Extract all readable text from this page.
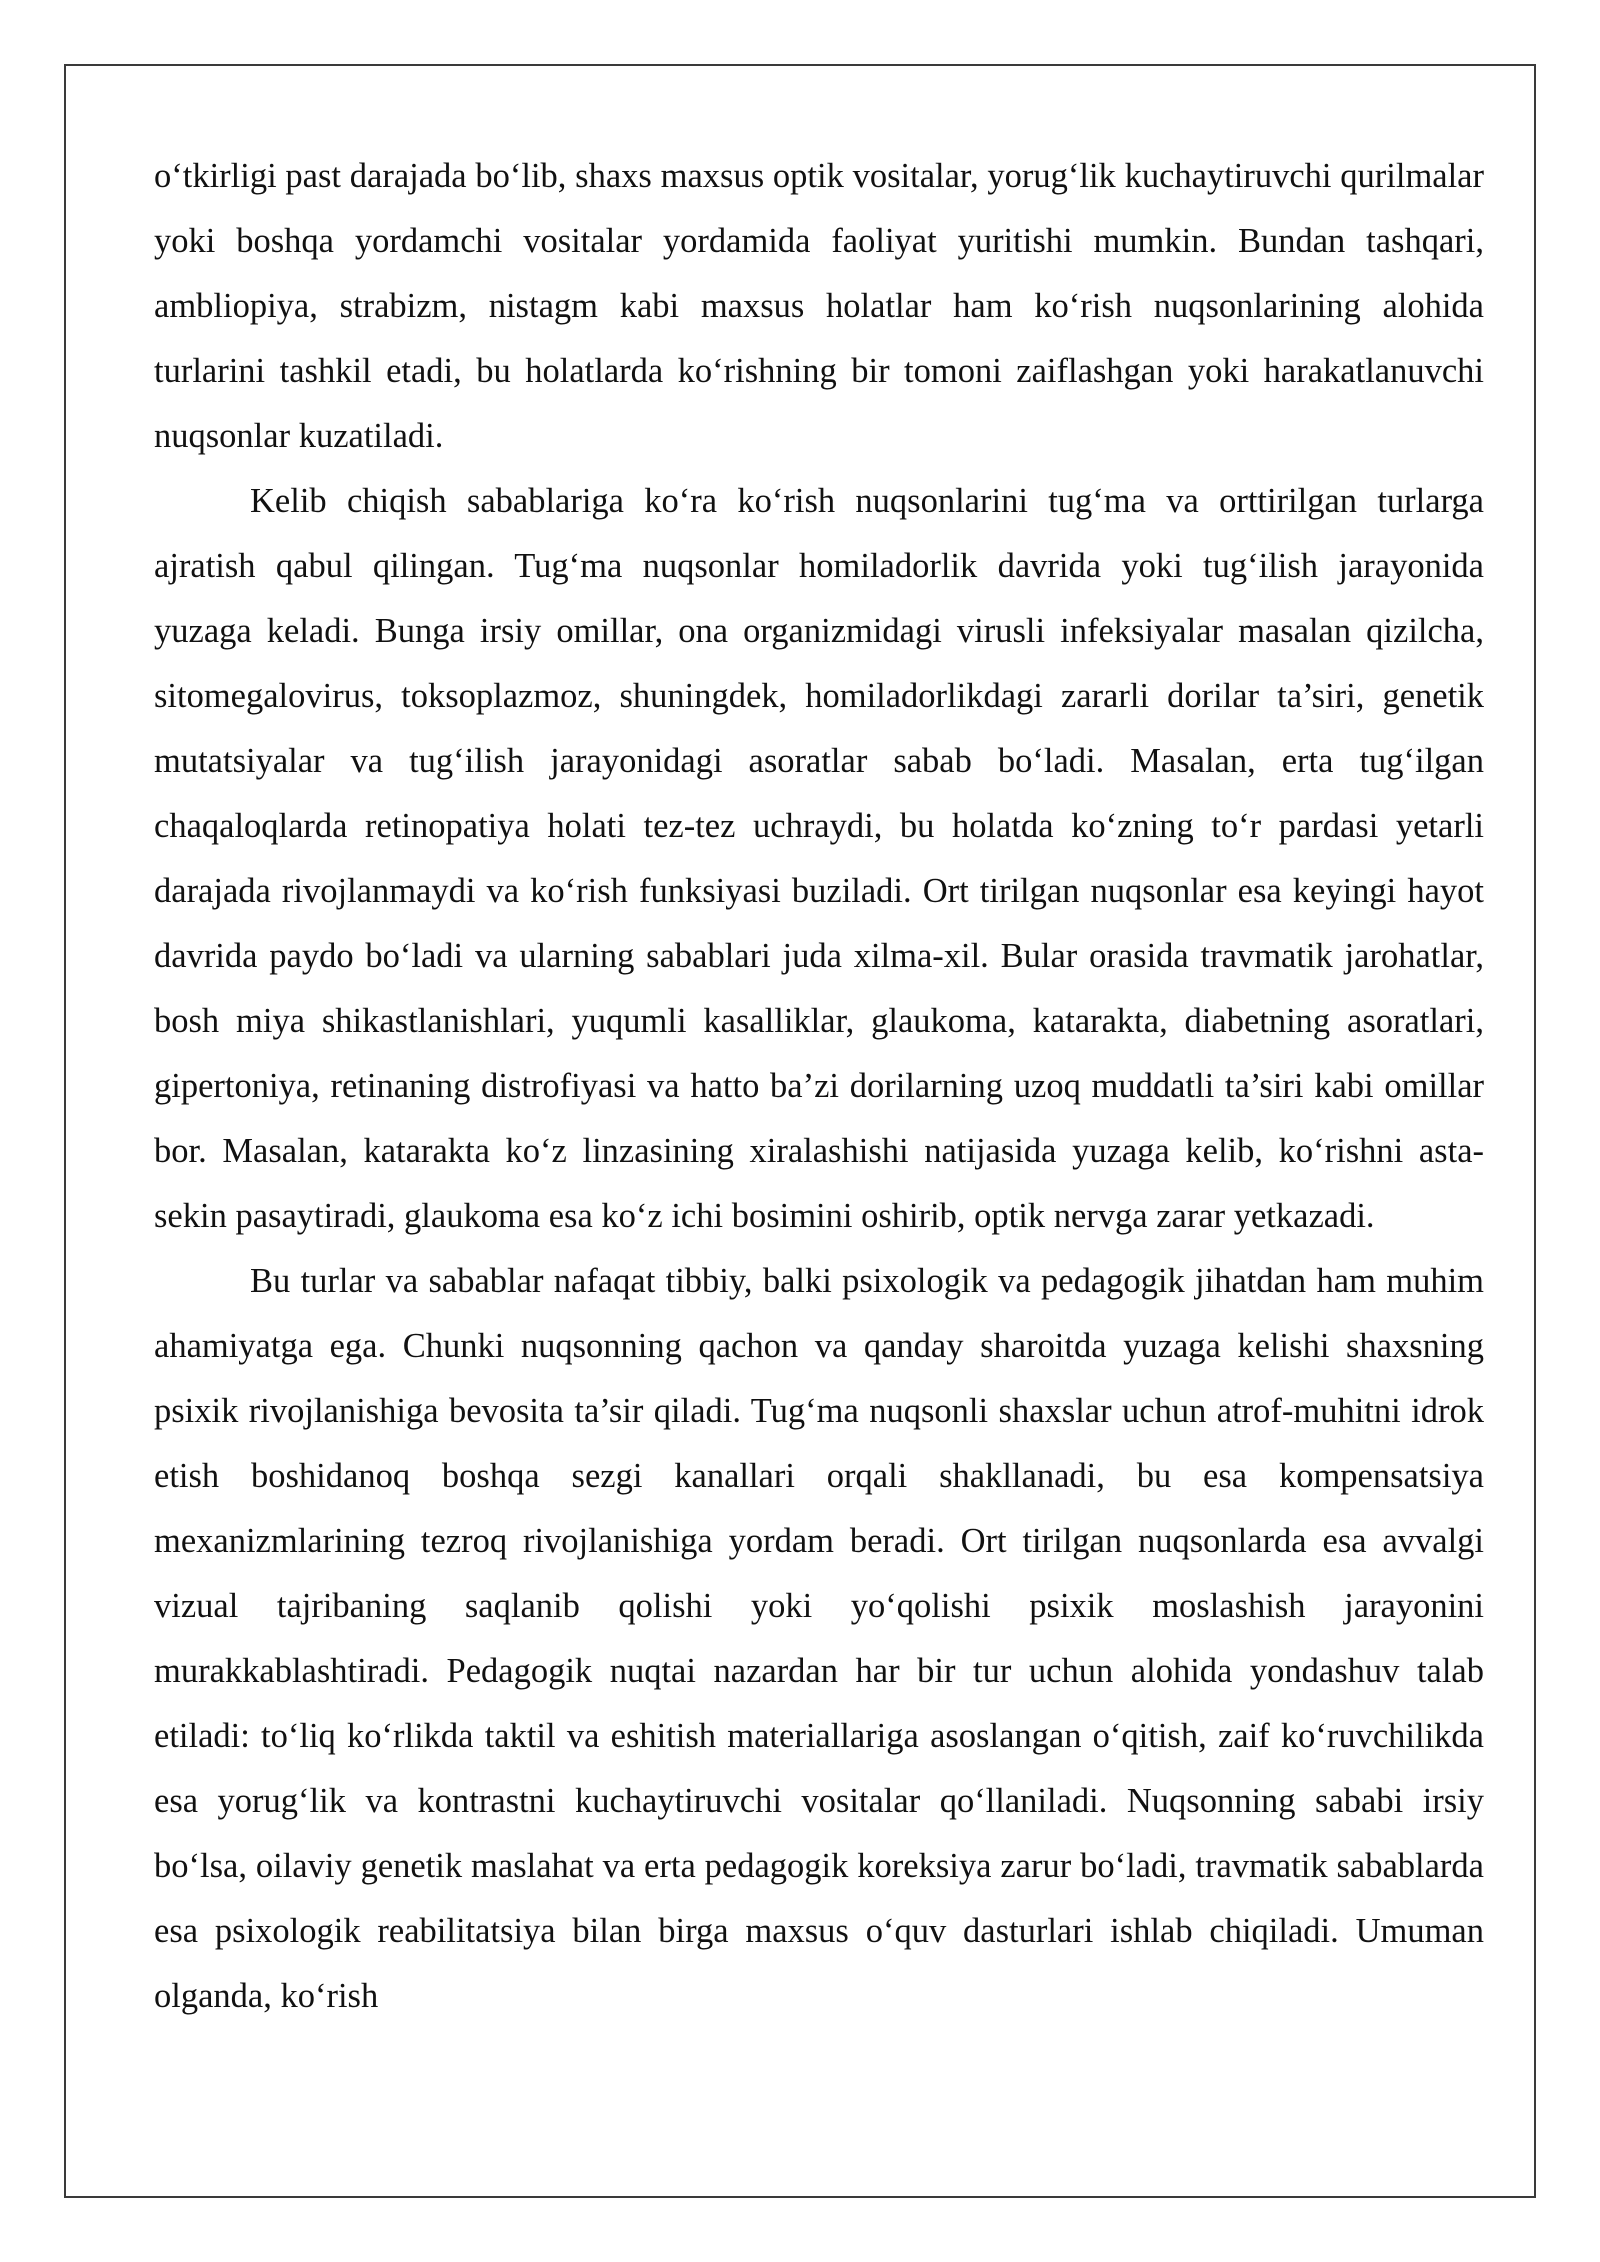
o‘tkirligi past darajada bo‘lib, shaxs maxsus optik vositalar, yorug‘lik kuchaytiruvchi qurilmalar yoki boshqa yordamchi vositalar yordamida faoliyat yuritishi mumkin. Bundan tashqari, ambliopiya, strabizm, nistagm kabi maxsus holatlar ham ko‘rish nuqsonlarining alohida turlarini tashkil etadi, bu holatlarda ko‘rishning bir tomoni zaiflashgan yoki harakatlanuvchi nuqsonlar kuzatiladi.

Kelib chiqish sabablariga ko‘ra ko‘rish nuqsonlarini tug‘ma va orttirilgan turlarga ajratish qabul qilingan. Tug‘ma nuqsonlar homiladorlik davrida yoki tug‘ilish jarayonida yuzaga keladi. Bunga irsiy omillar, ona organizmidagi virusli infeksiyalar masalan qizilcha, sitomegalovirus, toksoplazmoz, shuningdek, homiladorlikdagi zararli dorilar ta’siri, genetik mutatsiyalar va tug‘ilish jarayonidagi asoratlar sabab bo‘ladi. Masalan, erta tug‘ilgan chaqaloqlarda retinopatiya holati tez-tez uchraydi, bu holatda ko‘zning to‘r pardasi yetarli darajada rivojlanmaydi va ko‘rish funksiyasi buziladi. Ort tirilgan nuqsonlar esa keyingi hayot davrida paydo bo‘ladi va ularning sabablari juda xilma-xil. Bular orasida travmatik jarohatlar, bosh miya shikastlanishlari, yuqumli kasalliklar, glaukoma, katarakta, diabetning asoratlari, gipertoniya, retinaning distrofiyasi va hatto ba’zi dorilarning uzoq muddatli ta’siri kabi omillar bor. Masalan, katarakta ko‘z linzasining xiralashishi natijasida yuzaga kelib, ko‘rishni asta-sekin pasaytiradi, glaukoma esa ko‘z ichi bosimini oshirib, optik nervga zarar yetkazadi.

Bu turlar va sabablar nafaqat tibbiy, balki psixologik va pedagogik jihatdan ham muhim ahamiyatga ega. Chunki nuqsonning qachon va qanday sharoitda yuzaga kelishi shaxsning psixik rivojlanishiga bevosita ta’sir qiladi. Tug‘ma nuqsonli shaxslar uchun atrof-muhitni idrok etish boshidanoq boshqa sezgi kanallari orqali shakllanadi, bu esa kompensatsiya mexanizmlarining tezroq rivojlanishiga yordam beradi. Ort tirilgan nuqsonlarda esa avvalgi vizual tajribaning saqlanib qolishi yoki yo‘qolishi psixik moslashish jarayonini murakkablashtiradi. Pedagogik nuqtai nazardan har bir tur uchun alohida yondashuv talab etiladi: to‘liq ko‘rlikda taktil va eshitish materiallariga asoslangan o‘qitish, zaif ko‘ruvchilikda esa yorug‘lik va kontrastni kuchaytiruvchi vositalar qo‘llaniladi. Nuqsonning sababi irsiy bo‘lsa, oilaviy genetik maslahat va erta pedagogik koreksiya zarur bo‘ladi, travmatik sabablarda esa psixologik reabilitatsiya bilan birga maxsus o‘quv dasturlari ishlab chiqiladi. Umuman olganda, ko‘rish
